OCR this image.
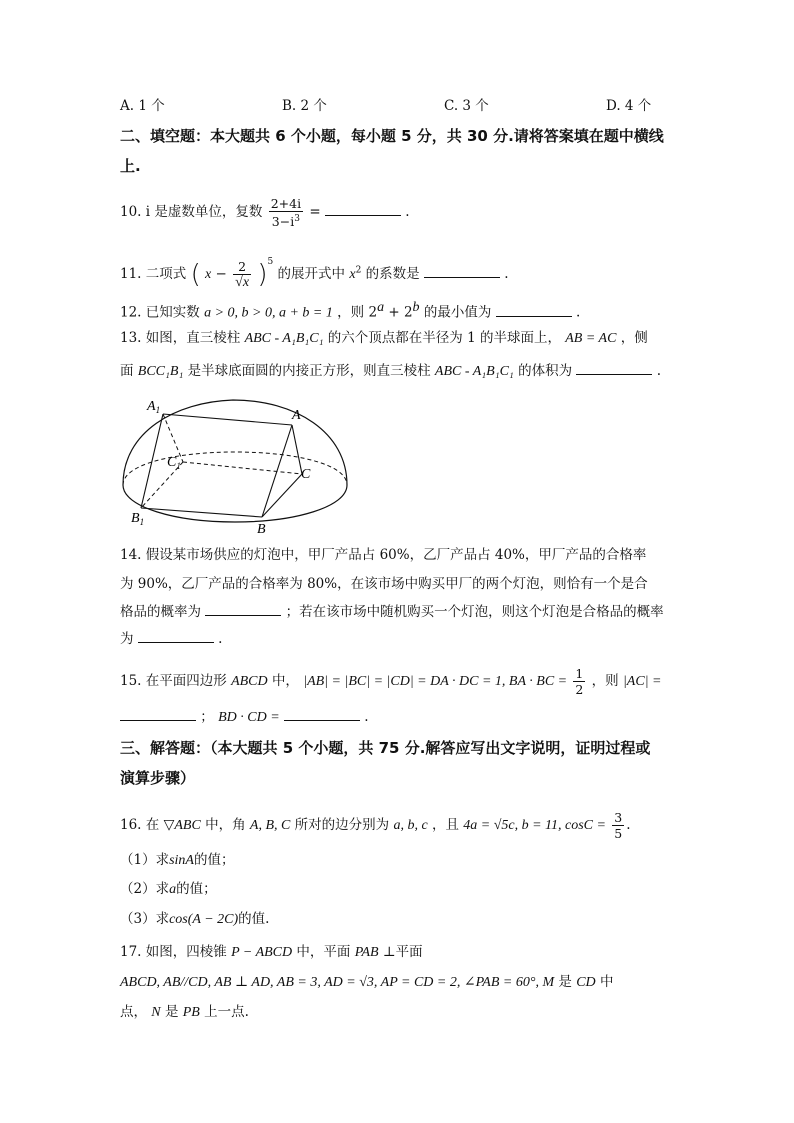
A. 1 个	B. 2 个	C. 3 个	D. 4 个
二、填空题：本大题共 6 个小题，每小题 5 分，共 30 分.请将答案填在题中横线
上.
10. i 是虚数单位，复数 $\frac{2+4i}{3-i^3}$ =	.
11. 二项式 ( $x - \frac{2}{√x} )^5$ 的展开式中 $x^2$ 的系数是	.
12. 已知实数 a > 0, b > 0, a + b = 1 ，则 $2^a + 2^b$ 的最小值为	.
13. 如图，直三棱柱 ABC - A₁B₁C₁ 的六个顶点都在半径为 1 的半球面上， AB = AC ，侧
面 BCC₁B₁ 是半球底面圆的内接正方形，则直三棱柱 ABC - A₁B₁C₁ 的体积为	.
$A_1$	A
$C_1$
C
$B_1$	B
14. 假设某市场供应的灯泡中，甲厂产品占 60%，乙厂产品占 40%，甲厂产品的合格率
为 90%，乙厂产品的合格率为 80%，在该市场中购买甲厂的两个灯泡，则恰有一个是合
格品的概率为	；若在该市场中随机购买一个灯泡，则这个灯泡是合格品的概率
为	.
15. 在平面四边形 ABCD 中， |AB| = |BC| = |CD| = DA · DC = 1, BA · BC = $\frac{1}{2}$ ，则 |AC| =
； BD · CD =	.
三、解答题：（本大题共 5 个小题，共 75 分.解答应写出文字说明，证明过程或
演算步骤）
16. 在 ▽ABC 中，角 A, B, C 所对的边分别为 a, b, c ，且 4a = √5c, b = 11, $\cos C = \frac{3}{5}$ .
（1）求sinA的值；
（2）求a的值；
（3）求cos(A − 2C)的值.
17. 如图，四棱锥 P − ABCD 中，平面 PAB ⊥平面
ABCD, AB//CD, AB ⊥ AD, AB = 3, AD = √3, AP = CD = 2, ∠PAB = 60°, M 是 CD 中
点， N 是 PB 上一点.
